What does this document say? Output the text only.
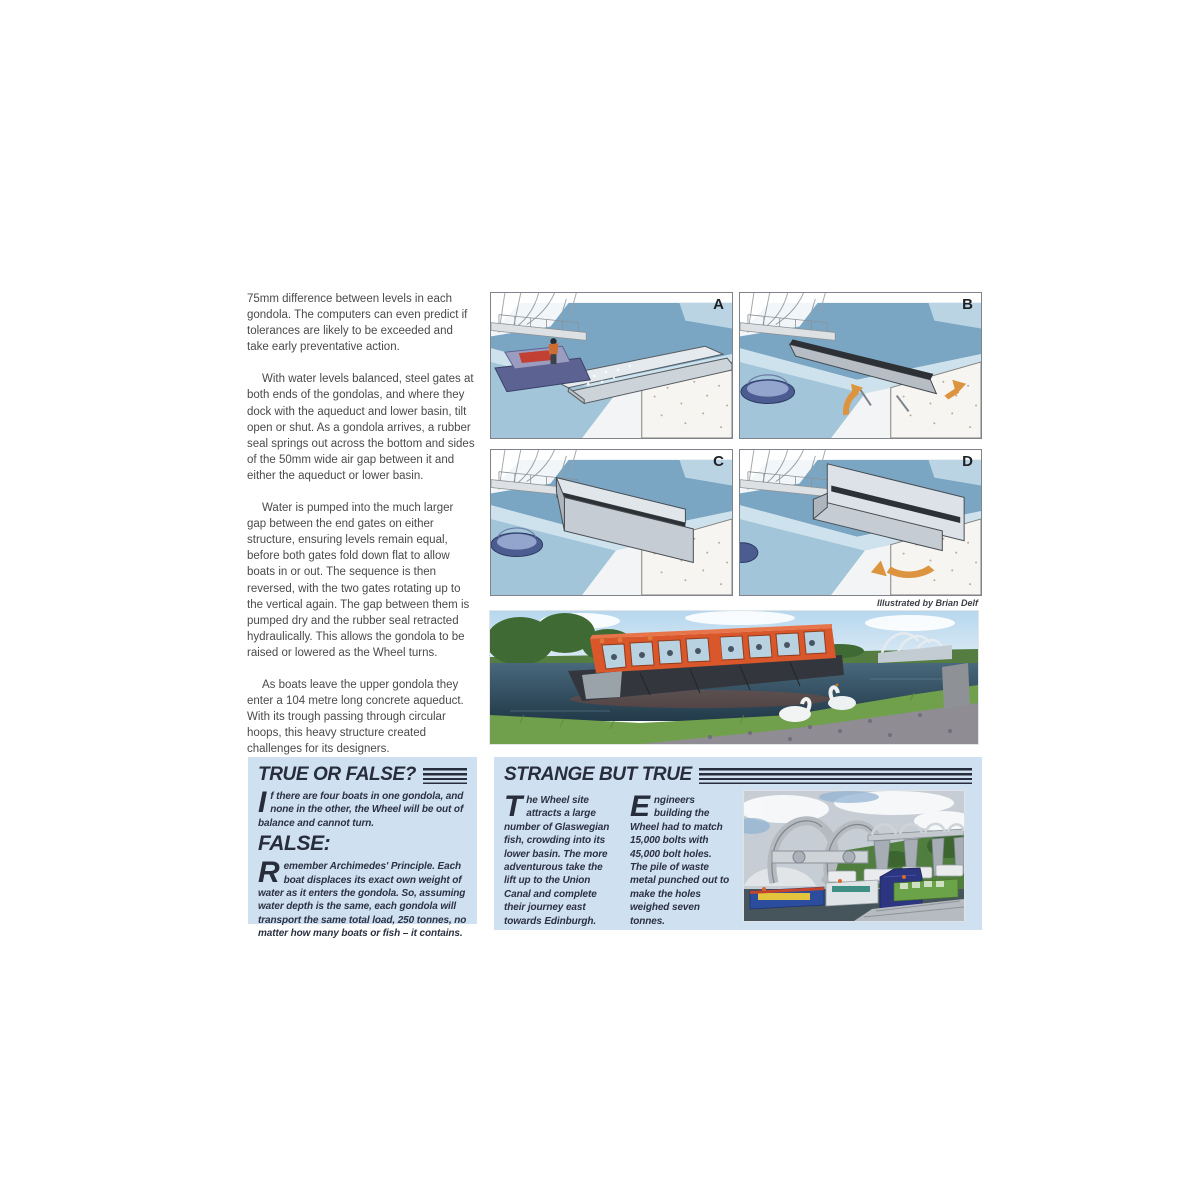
75mm difference between levels in each gondola. The computers can even predict if tolerances are likely to be exceeded and take early preventative action.

With water levels balanced, steel gates at both ends of the gondolas, and where they dock with the aqueduct and lower basin, tilt open or shut. As a gondola arrives, a rubber seal springs out across the bottom and sides of the 50mm wide air gap between it and either the aqueduct or lower basin.

Water is pumped into the much larger gap between the end gates on either structure, ensuring levels remain equal, before both gates fold down flat to allow boats in or out. The sequence is then reversed, with the two gates rotating up to the vertical again. The gap between them is pumped dry and the rubber seal retracted hydraulically. This allows the gondola to be raised or lowered as the Wheel turns.

As boats leave the upper gondola they enter a 104 metre long concrete aqueduct. With its trough passing through circular hoops, this heavy structure created challenges for its designers.

A	B
C	D
Illustrated by Brian Delf
TRUE OR FALSE?

If there are four boats in one gondola, and none in the other, the Wheel will be out of balance and cannot turn.

FALSE:

Remember Archimedes' Principle. Each boat displaces its exact own weight of water as it enters the gondola. So, assuming water depth is the same, each gondola will transport the same total load, 250 tonnes, no matter how many boats or fish – it contains.

STRANGE BUT TRUE

The Wheel site attracts a large number of Glaswegian fish, crowding into its lower basin. The more adventurous take the lift up to the Union Canal and complete their journey east towards Edinburgh.

Engineers building the Wheel had to match 15,000 bolts with 45,000 bolt holes. The pile of waste metal punched out to make the holes weighed seven tonnes.
